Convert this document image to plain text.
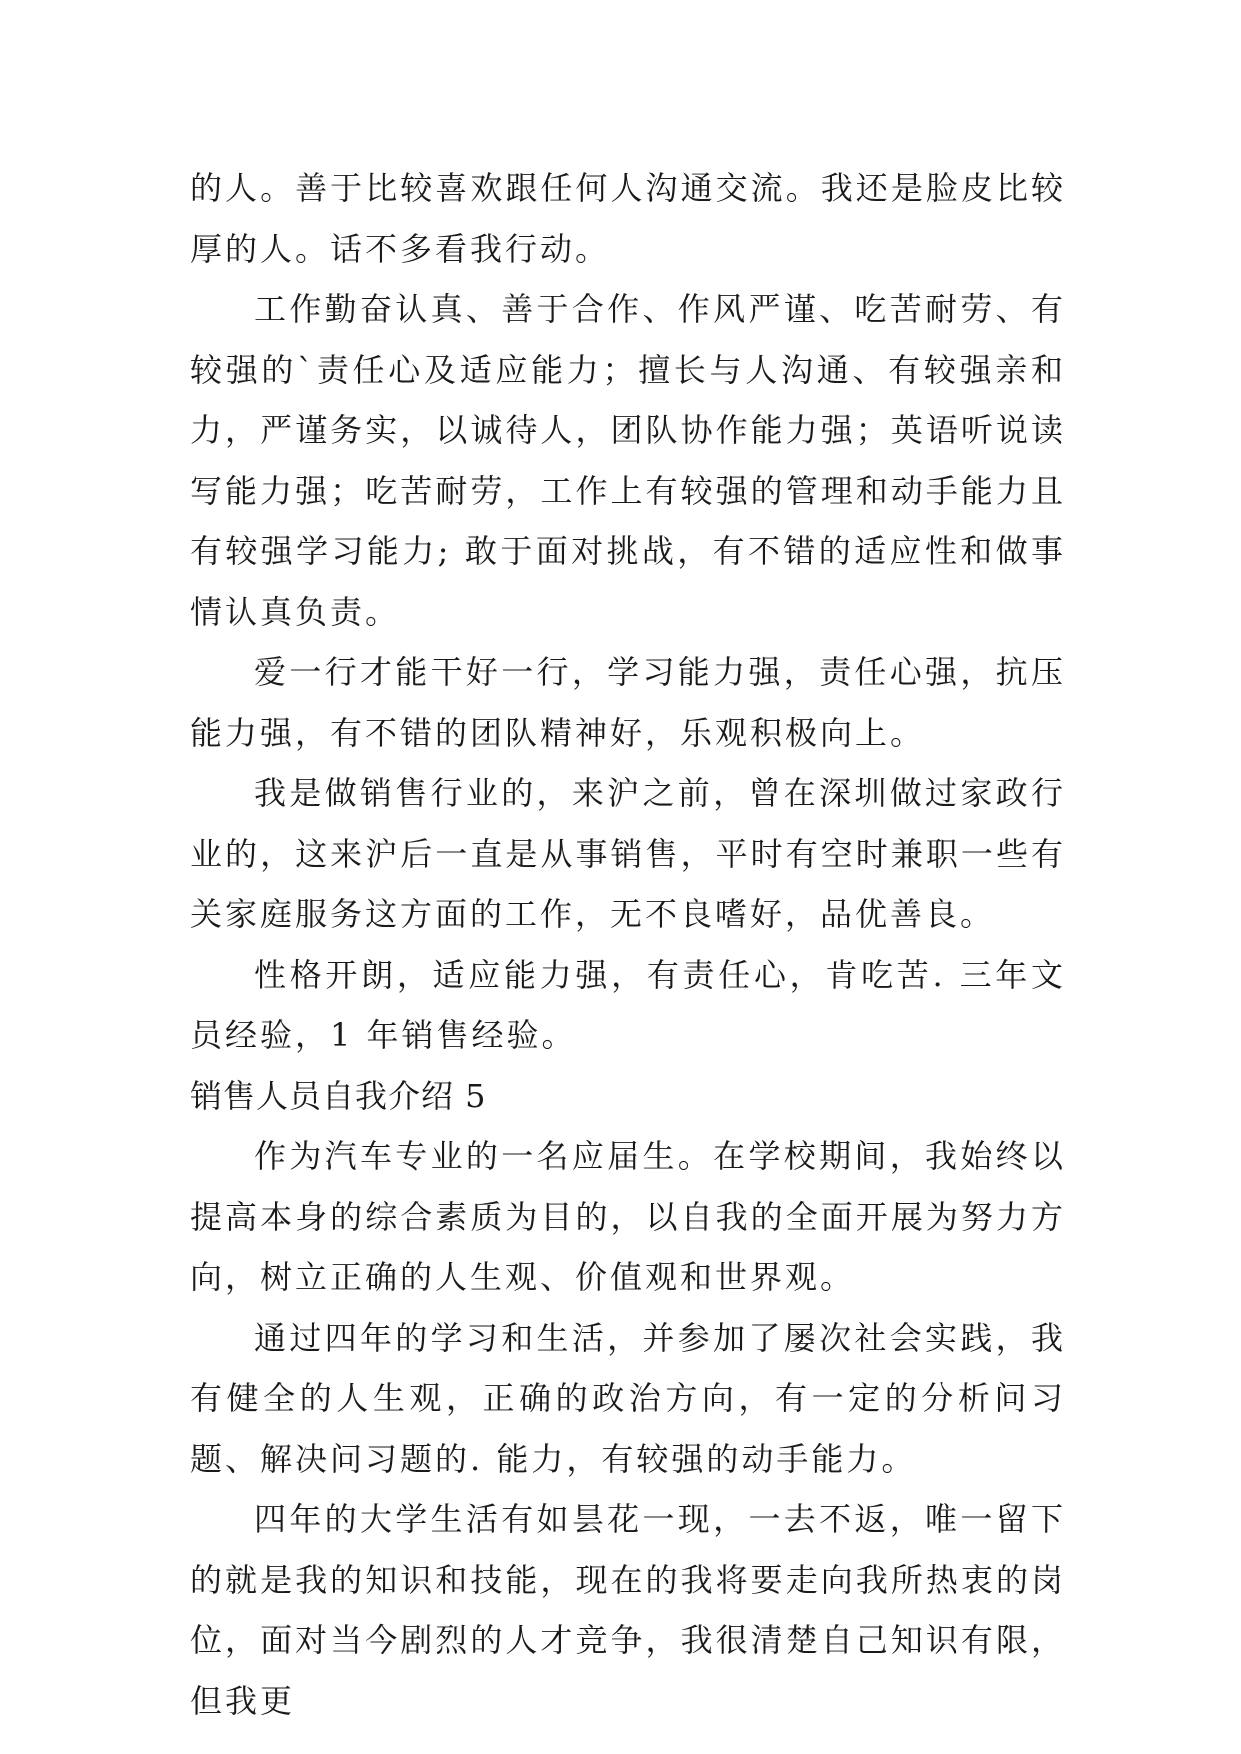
的人。善于比较喜欢跟任何人沟通交流。我还是脸皮比较厚的人。话不多看我行动。

工作勤奋认真、善于合作、作风严谨、吃苦耐劳、有较强的`责任心及适应能力；擅长与人沟通、有较强亲和力，严谨务实，以诚待人，团队协作能力强；英语听说读写能力强；吃苦耐劳，工作上有较强的管理和动手能力且有较强学习能力; 敢于面对挑战，有不错的适应性和做事情认真负责。

爱一行才能干好一行，学习能力强，责任心强，抗压能力强，有不错的团队精神好，乐观积极向上。

我是做销售行业的，来沪之前，曾在深圳做过家政行业的，这来沪后一直是从事销售，平时有空时兼职一些有关家庭服务这方面的工作，无不良嗜好，品优善良。

性格开朗，适应能力强，有责任心，肯吃苦. 三年文员经验，1 年销售经验。

销售人员自我介绍 5

作为汽车专业的一名应届生。在学校期间，我始终以提高本身的综合素质为目的，以自我的全面开展为努力方向，树立正确的人生观、价值观和世界观。

通过四年的学习和生活，并参加了屡次社会实践，我有健全的人生观，正确的政治方向，有一定的分析问习题、解决问习题的. 能力，有较强的动手能力。

四年的大学生活有如昙花一现，一去不返，唯一留下的就是我的知识和技能，现在的我将要走向我所热衷的岗位，面对当今剧烈的人才竞争，我很清楚自己知识有限，但我更
